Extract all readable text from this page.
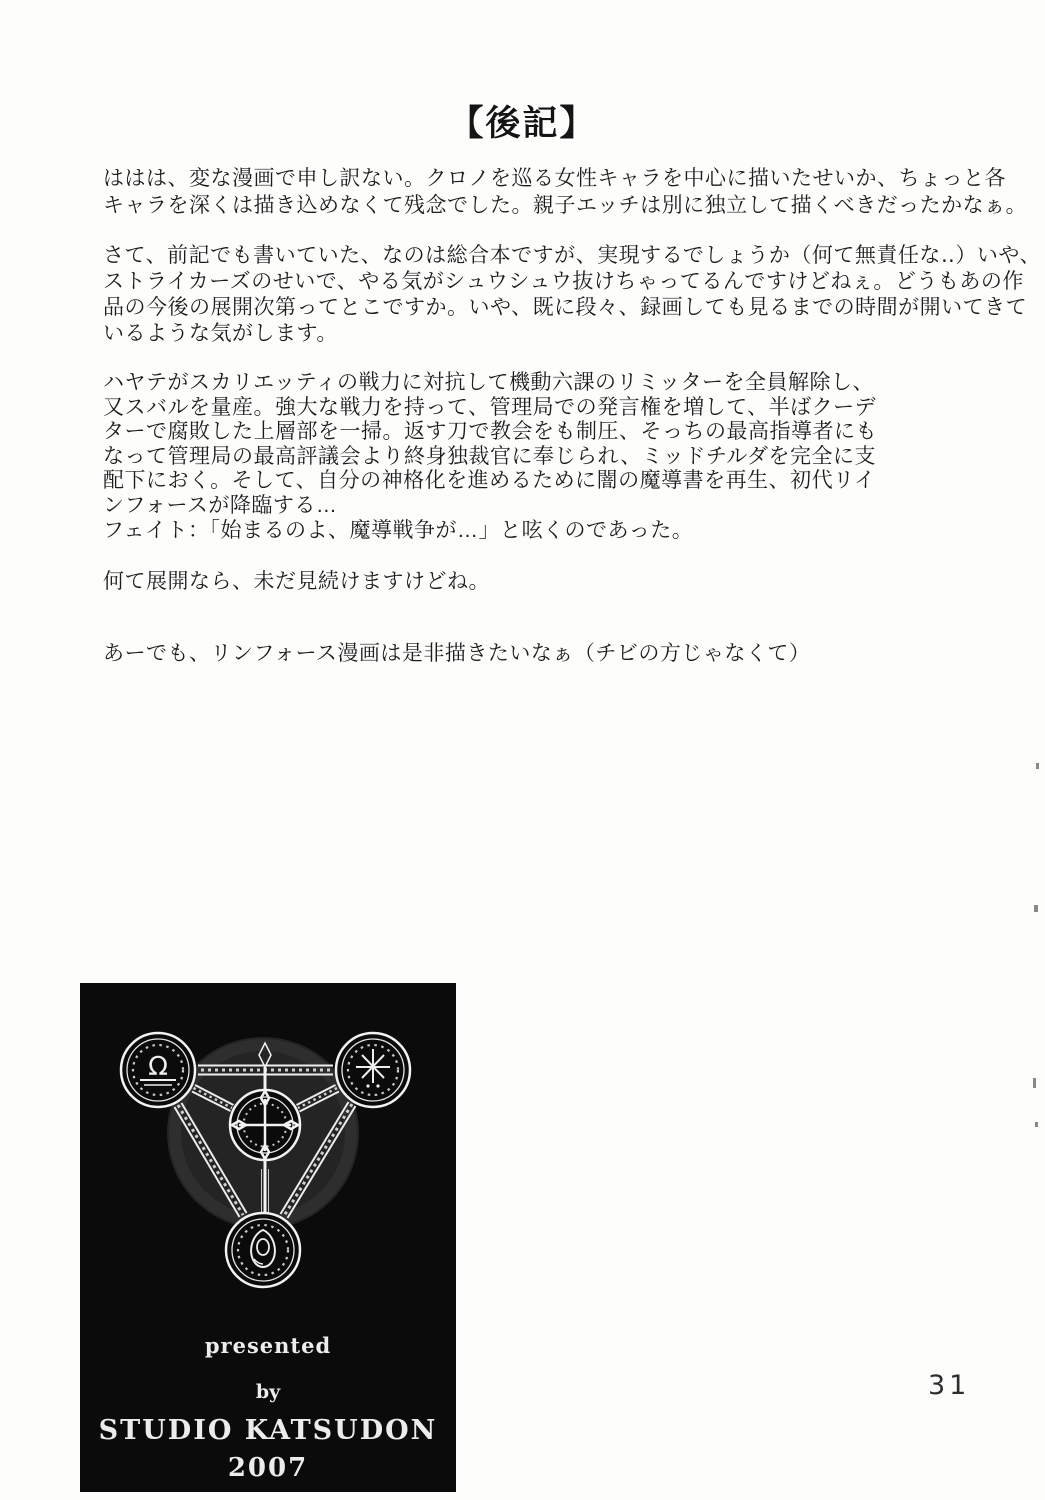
【後記】
ははは、変な漫画で申し訳ない。クロノを巡る女性キャラを中心に描いたせいか、ちょっと各
キャラを深くは描き込めなくて残念でした。親子エッチは別に独立して描くべきだったかなぁ。
さて、前記でも書いていた、なのは総合本ですが、実現するでしょうか（何て無責任な‥）いや、
ストライカーズのせいで、やる気がシュウシュウ抜けちゃってるんですけどねぇ。どうもあの作
品の今後の展開次第ってとこですか。いや、既に段々、録画しても見るまでの時間が開いてきて
いるような気がします。
ハヤテがスカリエッティの戦力に対抗して機動六課のリミッターを全員解除し、
又スバルを量産。強大な戦力を持って、管理局での発言権を増して、半ばクーデ
ターで腐敗した上層部を一掃。返す刀で教会をも制圧、そっちの最高指導者にも
なって管理局の最高評議会より終身独裁官に奉じられ、ミッドチルダを完全に支
配下におく。そして、自分の神格化を進めるために闇の魔導書を再生、初代リイ
ンフォースが降臨する…
フェイト：「始まるのよ、魔導戦争が…」と呟くのであった。
何て展開なら、未だ見続けますけどね。
あーでも、リンフォース漫画は是非描きたいなぁ（チビの方じゃなくて）
Ω
presented
by
STUDIO KATSUDON
2007
31
